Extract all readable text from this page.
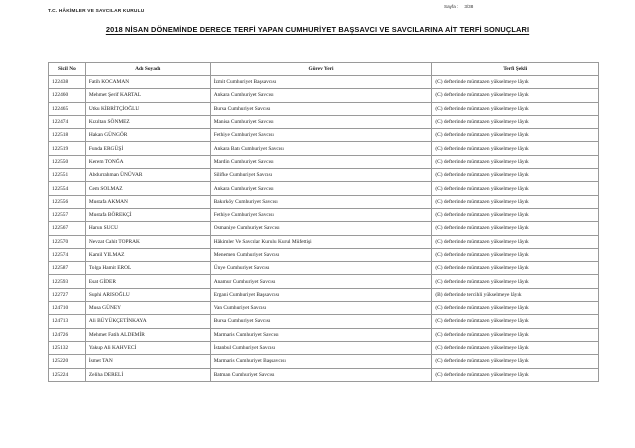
T.C. HÂKİMLER VE SAVCILAR KURULU
Sayfa : 3/38
2018 NİSAN DÖNEMİNDE DERECE TERFİ YAPAN CUMHURİYET BAŞSAVCI VE SAVCILARINA AİT TERFİ SONUÇLARI
Sicil No	Adı Soyadı	Görev Yeri	Terfi Şekli
122438	Fatih KOCAMAN	İzmit Cumhuriyet Başsavcısı	(C) defterinde mümtazen yükselmeye lâyık
122460	Mehmet Şerif KARTAL	Ankara Cumhuriyet Savcısı	(C) defterinde mümtazen yükselmeye lâyık
122465	Utku KİBRİTÇİOĞLU	Bursa Cumhuriyet Savcısı	(C) defterinde mümtazen yükselmeye lâyık
122474	Kızıltan SÖNMEZ	Manisa Cumhuriyet Savcısı	(C) defterinde mümtazen yükselmeye lâyık
122518	Hakan GÜNGÖR	Fethiye Cumhuriyet Savcısı	(C) defterinde mümtazen yükselmeye lâyık
122519	Funda ERGÜŞİ	Ankara Batı Cumhuriyet Savcısı	(C) defterinde mümtazen yükselmeye lâyık
122550	Kerem TONĞA	Mardin Cumhuriyet Savcısı	(C) defterinde mümtazen yükselmeye lâyık
122551	Abdurrahman ÜNÜVAR	Silifke Cumhuriyet Savcısı	(C) defterinde mümtazen yükselmeye lâyık
122554	Cem SOLMAZ	Ankara Cumhuriyet Savcısı	(C) defterinde mümtazen yükselmeye lâyık
122556	Mustafa AKMAN	Bakırköy Cumhuriyet Savcısı	(C) defterinde mümtazen yükselmeye lâyık
122557	Mustafa BÖREKÇİ	Fethiye Cumhuriyet Savcısı	(C) defterinde mümtazen yükselmeye lâyık
122567	Harun SUCU	Osmaniye Cumhuriyet Savcısı	(C) defterinde mümtazen yükselmeye lâyık
122570	Nevzat Cahit TOPRAK	Hâkimler Ve Savcılar Kurulu Kurul Müfettişi	(C) defterinde mümtazen yükselmeye lâyık
122574	Kamil YILMAZ	Menemen Cumhuriyet Savcısı	(C) defterinde mümtazen yükselmeye lâyık
122587	Tolga Hamit EROL	Ünye Cumhuriyet Savcısı	(C) defterinde mümtazen yükselmeye lâyık
122593	Esat GİDER	Anamur Cumhuriyet Savcısı	(C) defterinde mümtazen yükselmeye lâyık
122727	Suphi ARISOĞLU	Ergani Cumhuriyet Başsavcısı	(B) defterinde tercihli yükselmeye lâyık
124710	Musa GÜNEY	Van Cumhuriyet Savcısı	(C) defterinde mümtazen yükselmeye lâyık
124713	Ali BÜYÜKÇETİNKAYA	Bursa Cumhuriyet Savcısı	(C) defterinde mümtazen yükselmeye lâyık
124726	Mehmet Fatih ALDEMİR	Marmaris Cumhuriyet Savcısı	(C) defterinde mümtazen yükselmeye lâyık
125132	Yakup Ali KAHVECİ	İstanbul Cumhuriyet Savcısı	(C) defterinde mümtazen yükselmeye lâyık
125220	İsmet TAN	Marmaris Cumhuriyet Başsavcısı	(C) defterinde mümtazen yükselmeye lâyık
125224	Zeliha DERELİ	Batman Cumhuriyet Savcısı	(C) defterinde mümtazen yükselmeye lâyık
